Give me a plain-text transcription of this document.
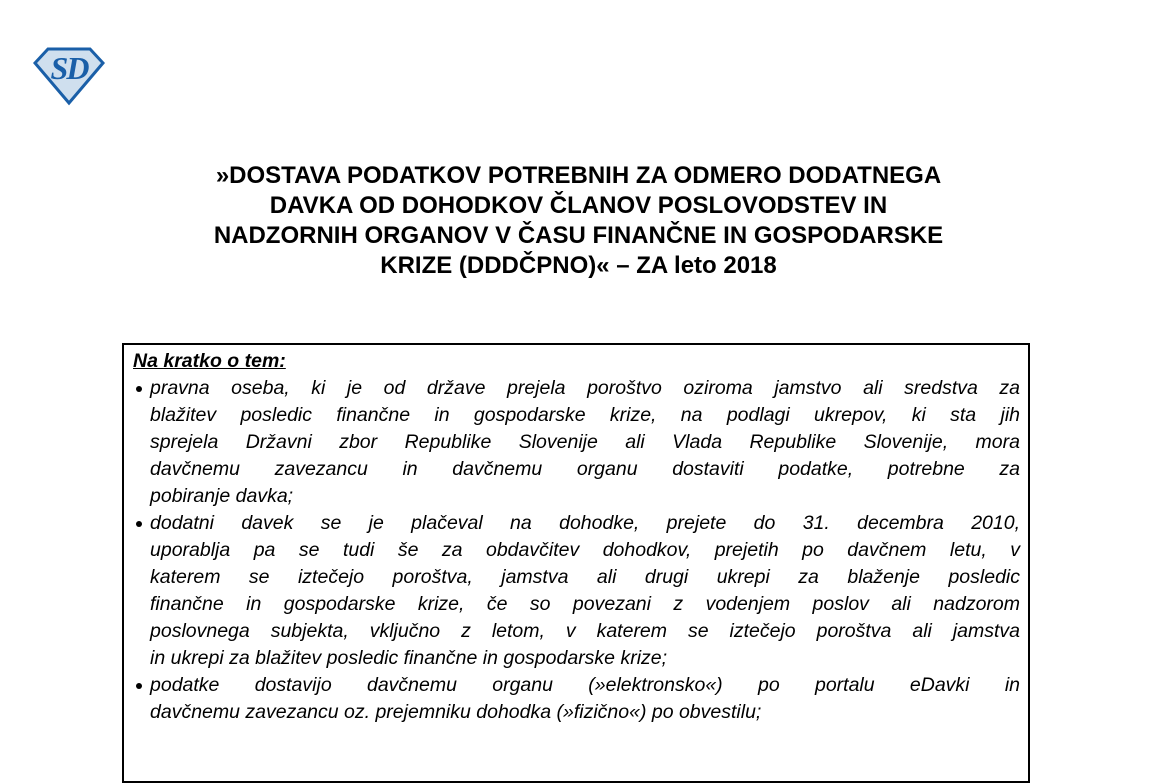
SD
»DOSTAVA PODATKOV POTREBNIH ZA ODMERO DODATNEGA
DAVKA OD DOHODKOV ČLANOV POSLOVODSTEV IN
NADZORNIH ORGANOV V ČASU FINANČNE IN GOSPODARSKE
KRIZE (DDDČPNO)« – ZA leto 2018
Na kratko o tem:
pravna oseba, ki je od države prejela poroštvo oziroma jamstvo ali sredstva za
blažitev posledic finančne in gospodarske krize, na podlagi ukrepov, ki sta jih
sprejela Državni zbor Republike Slovenije ali Vlada Republike Slovenije, mora
davčnemu zavezancu in davčnemu organu dostaviti podatke, potrebne za
pobiranje davka;
dodatni davek se je plačeval na dohodke, prejete do 31. decembra 2010,
uporablja pa se tudi še za obdavčitev dohodkov, prejetih po davčnem letu, v
katerem se iztečejo poroštva, jamstva ali drugi ukrepi za blaženje posledic
finančne in gospodarske krize, če so povezani z vodenjem poslov ali nadzorom
poslovnega subjekta, vključno z letom, v katerem se iztečejo poroštva ali jamstva
in ukrepi za blažitev posledic finančne in gospodarske krize;
podatke dostavijo davčnemu organu (»elektronsko«) po portalu eDavki in
davčnemu zavezancu oz. prejemniku dohodka (»fizično«) po obvestilu;
